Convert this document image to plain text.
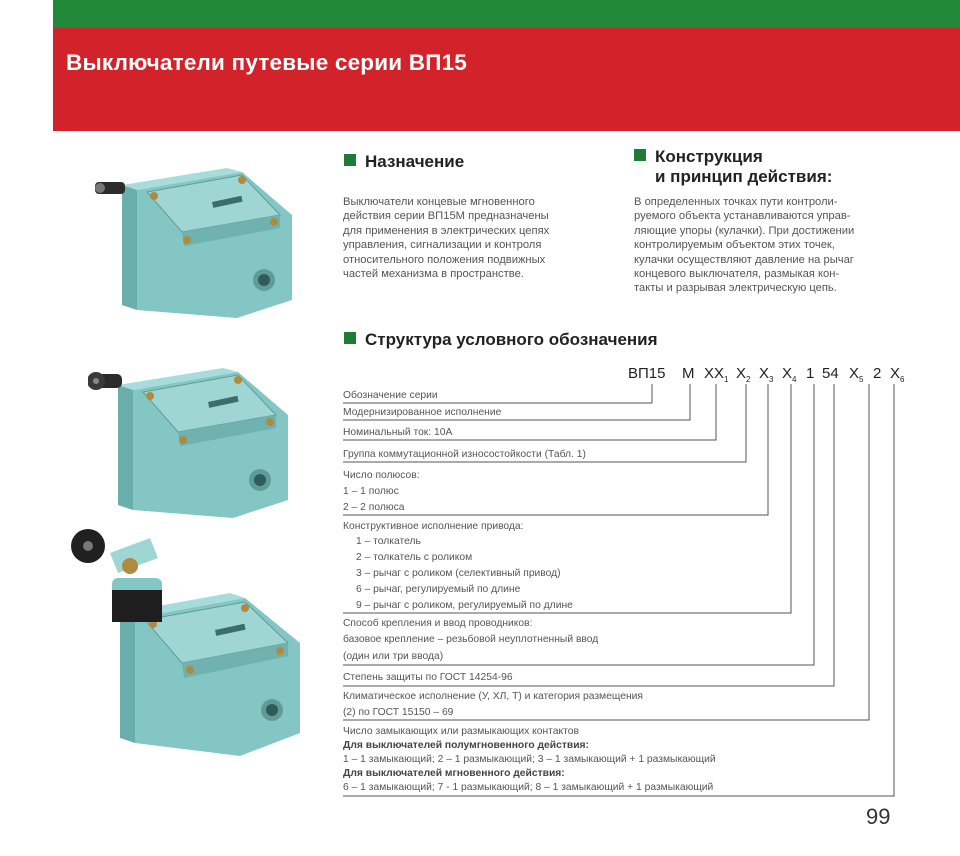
Выключатели путевые серии ВП15
Назначение
Выключатели концевые мгновенного
действия серии ВП15М предназначены
для применения в электрических цепях
управления, сигнализации и контроля
относительного положения подвижных
частей механизма в пространстве.
Конструкция
и принцип действия:
В определенных точках пути контроли-
руемого объекта устанавливаются управ-
ляющие упоры (кулачки). При достижении
контролируемым объектом этих точек,
кулачки осуществляют давление на рычаг
концевого выключателя, размыкая кон-
такты и разрывая электрическую цепь.
Структура условного обозначения
ВП15 М $XX_1$ $X_2$ $X_3$ $X_4$ 1 54 $X_5$ 2 $X_6$
Обозначение серии
Модернизированное исполнение
Номинальный ток: 10А
Группа коммутационной износостойкости (Табл. 1)
Число полюсов:
1 – 1 полюс
2 – 2 полюса
Конструктивное исполнение привода:
1 – толкатель
2 – толкатель с роликом
3 – рычаг с роликом (селективный привод)
6 – рычаг, регулируемый по длине
9 – рычаг с роликом, регулируемый по длине
Способ крепления и ввод проводников:
базовое крепление – резьбовой неуплотненный ввод
(один или три ввода)
Степень защиты по ГОСТ 14254-96
Климатическое исполнение (У, ХЛ, Т) и категория размещения
(2) по ГОСТ 15150 – 69
Число замыкающих или размыкающих контактов
Для выключателей полумгновенного действия:
1 – 1 замыкающий; 2 – 1 размыкающий; 3 – 1 замыкающий + 1 размыкающий
Для выключателей мгновенного действия:
6 – 1 замыкающий; 7 - 1 размыкающий; 8 – 1 замыкающий + 1 размыкающий
99
